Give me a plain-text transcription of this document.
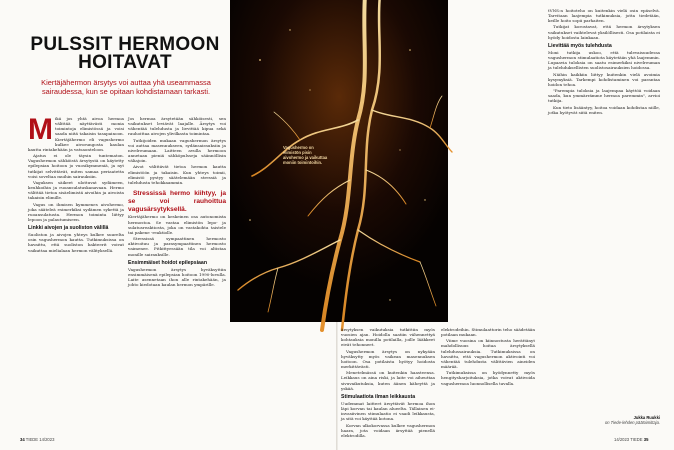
PULSSIT HERMOON
HOITAVAT

Kiertäjähermon ärsytys voi auttaa yhä useammassa sairaudessa, kun se opitaan kohdistamaan tarkasti.

M ikä jos yhtä aivoa hermoa välittää näyttävästi monia toimintoja elimistössä ja voisi saada niitä takaisin tasapainoon. Kiertäjähermo eli vagushermo kulkee aivorungosta kaulan kautta rintakehään ja vatsaonteloon.

Ajatus ei ole täysin tuntematon. Vagushermon sähköistä ärsytystä on käytetty epilepsian hoitoon jo vuosikymmeniä, ja nyt tutkijat selvittävät, miten samaa periaatetta voisi soveltaa muihin sairauksiin.

Vaguksen säikeet ulottuvat sydämeen, keuhkoihin ja ruoansulatuskanavaan. Hermo välittää tietoa sisäelimistä aivoihin ja aivoista takaisin elimille.

Vagus on ihmisen kymmenes aivohermo, joka sääteleä esimerkiksi sydämen sykettä ja ruoansulatusta. Hermon toiminta liittyy lepoon ja palautumiseen.

Linkki aivojen ja suoliston välillä

Suoliston ja aivojen yhteys kulkee suurelta osin vagushermon kautta. Tutkimuksissa on havaittu, että suoliston bakteerit voivat vaikuttaa mielialaan hermon välityksellä.

Jos hermoa ärsytetään sähköisesti, sen vaikutukset leviävät laajalle. Ärsytys voi vähentää tulehdusta ja lievittää kipua sekä rauhoittaa aivojen ylivilkasta toimintaa.

Tutkijoiden mukaan vagushermon ärsytys voi auttaa masennukseen, sydänsairauksiin ja nivelreumaan. Laitteen avulla hermoon annetaan pieniä sähköpulsseja säännöllisin väliajoin.

Aivot välittävät tietoa hermon kautta elimistöön ja takaisin. Kun yhteys toimii, elimistö pystyy säätelemään stressiä ja tulehdusta tehokkaammin.

Stressissä hermo kiihtyy, ja se voi rauhoittua vagusärsytyksellä.

Kiertäjähermo on keskeinen osa autonomista hermostoa. Se vastaa elimistön lepo- ja sulatusreaktiosta, joka on vastakohta taistele tai pakene -reaktiolle.

Stressissä sympaattinen hermosto aktivoituu ja parasympaattinen hermosto vaimenee. Pitkittyessään tila voi altistaa monille sairauksille.

Ensimmäiset hoidot epilepsiaan

Vagushermon ärsytys hyväksyttiin ensimmäisenä epilepsian hoitoon 1990-luvulla. Laite asennetaan ihon alle rintakehään, ja johto kiedotaan kaulan hermon ympärille.

Vagushermo on elimistön pisin aivohermo ja vaikuttaa moniin toimintoihin.

ärsytyksen vaikutuksia tutkittiin myös vuosien ajan. Hoidolla saatiin vähennettyä kohtauksia monilla potilailla, joille lääkkeet eivät tehonneet.

Vagushermon ärsytys on nykyään hyväksytty myös vaikean masennuksen hoitoon. Osa potilaista hyötyy hoidosta merkittävästi.

Menetelmässä on kuitenkin haasteensa. Leikkaus on aina riski, ja laite voi aiheuttaa sivuvaikutuksia, kuten äänen käheyttä ja yskää.

Stimulaatiota ilman leikkausta

Uudemmat laitteet ärsyttävät hermoa ihon läpi korvan tai kaulan alueelta. Tällainen ei-invasiivinen stimulaatio ei vaadi leikkausta, ja sitä voi käyttää kotona.

Korvan ulkokorvassa kulkee vagushermon haara, jota voidaan ärsyttää pienellä elektrodilla.

elektrodeihin. Stimulaattorin teho säädetään potilaan mukaan.

Viime vuosina on kiinnostusta herättänyt mahdollisuus hoitaa ärsytyksellä tulehdussairauksia. Tutkimuksissa on havaittu, että vagushermon aktivointi voi vähentää tulehdusta välittävien aineiden määrää.

Tutkimuksissa on hyödynnetty myös hengitysharjoituksia, jotka voivat aktivoida vagushermoa luonnollisella tavalla.

tVNS:n hoitoteho on kuitenkin vielä osin epäselvä. Tarvitaan laajempia tutkimuksia, jotta tiedetään, keille hoito sopii parhaiten.

Tutkijat korostavat, että hermon ärsytyksen vaikutukset vaihtelevat yksilöllisesti. Osa potilaista ei hyödy hoidosta lainkaan.

Lievittää myös tulehdusta

Moni tutkija uskoo, että tulevaisuudessa vagushermon stimulaatiota käytetään yhä laajemmin. Lupaavia tuloksia on saatu esimerkiksi nivelreuman ja tulehduksellisten suolistosairauksien hoidossa.

Näihin kaikkiin liittyy kuitenkin vielä avoimia kysymyksiä. Tarkempi kohdistaminen voi parantaa hoidon tehoa.

"Parempia tuloksia ja laajempaa käyttöä voidaan saada, kun ymmärrämme hermoa paremmin", arvioi tutkija.

Kun tieto lisääntyy, hoitoa voidaan kohdistaa niille, jotka hyötyvät siitä eniten.

Jukka Ruukki
on Tiede-lehden päätoimittaja.
34 TIEDE 14/2023	14/2023 TIEDE 35
